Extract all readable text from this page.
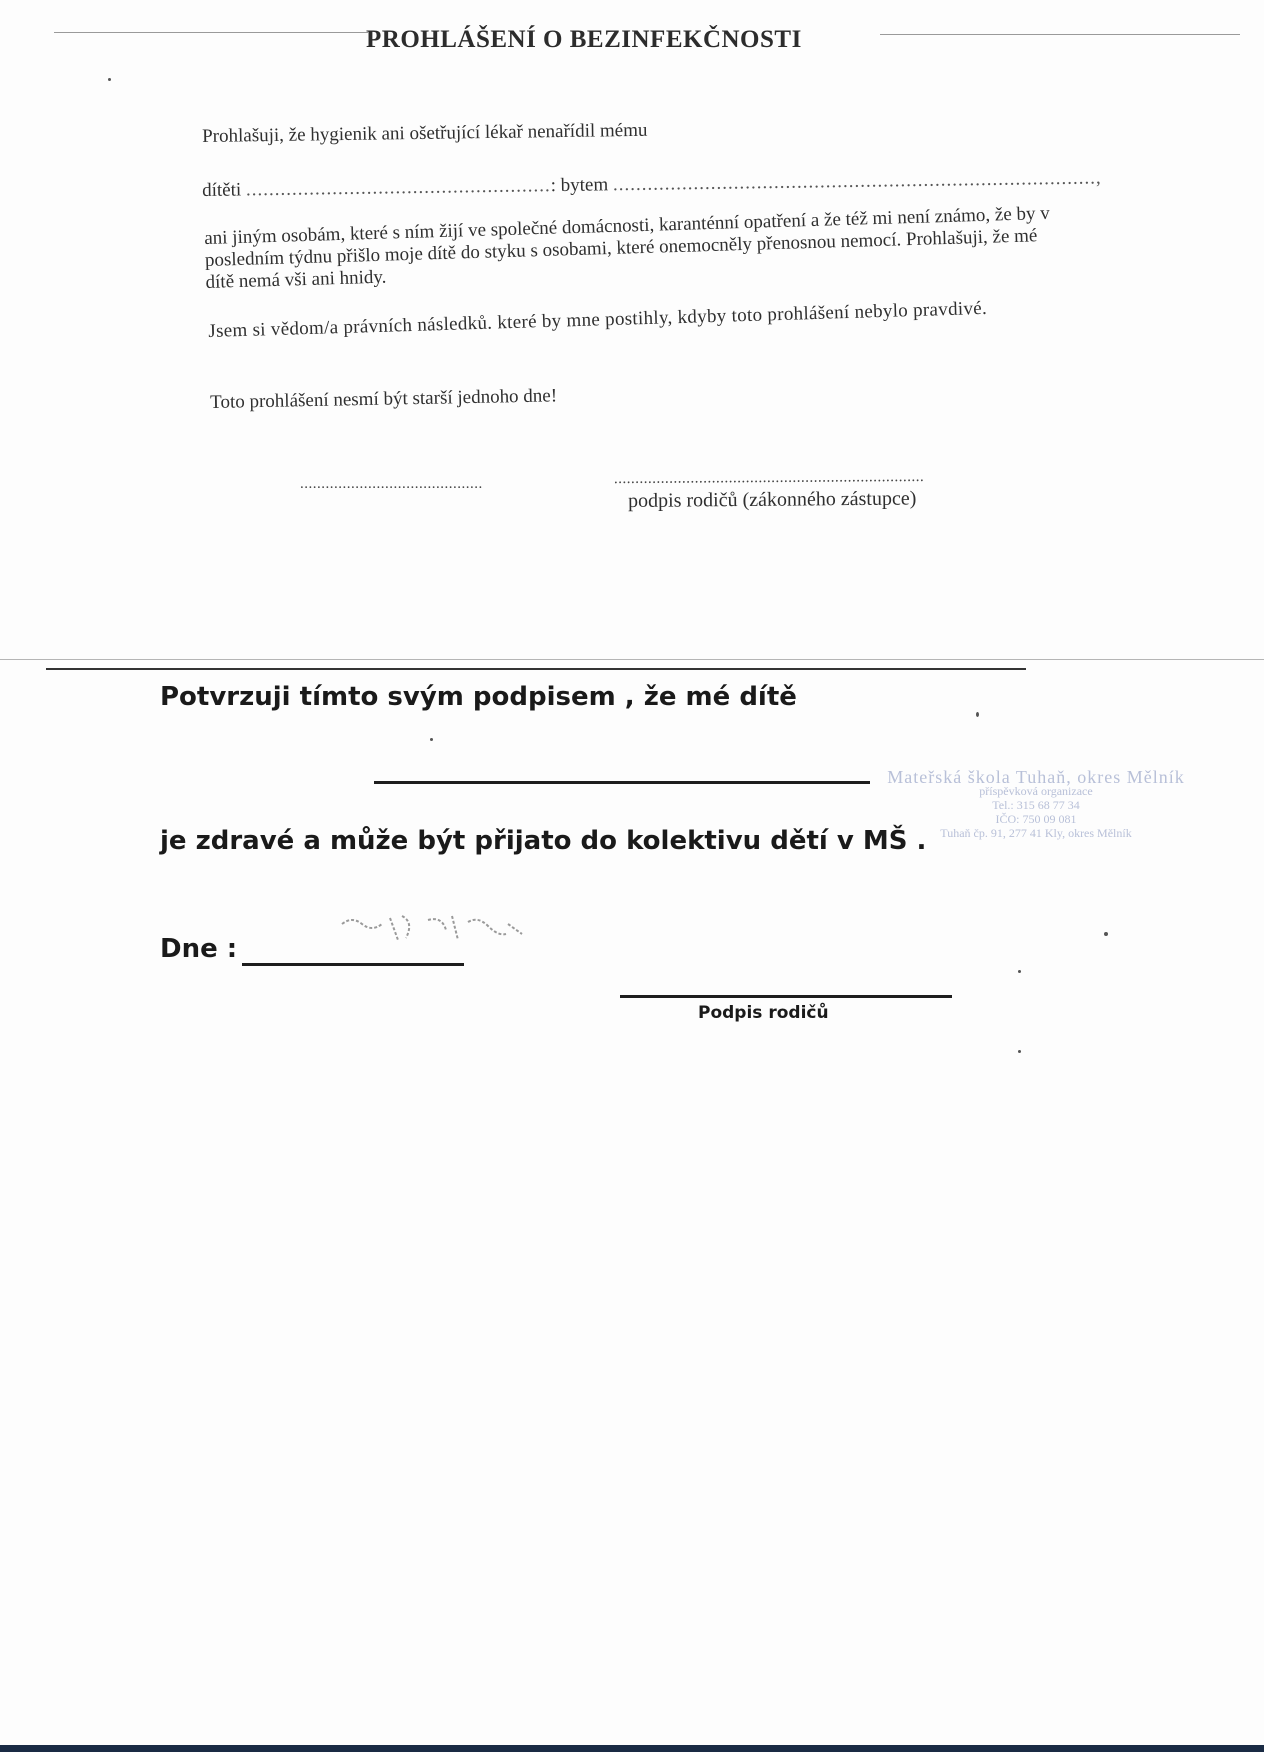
PROHLÁŠENÍ O BEZINFEKČNOSTI
Prohlašuji, že hygienik ani ošetřující lékař nenařídil mému
dítěti .....................................................: bytem ....................................................................................,
ani jiným osobám, které s ním žijí ve společné domácnosti, karanténní opatření a že též mi není známo, že by v posledním týdnu přišlo moje dítě do styku s osobami, které onemocněly přenosnou nemocí. Prohlašuji, že mé dítě nemá vši ani hnidy.
Jsem si vědom/a právních následků. které by mne postihly, kdyby toto prohlášení nebylo pravdivé.
Toto prohlášení nesmí být starší jednoho dne!
...........................................	.........................................................................
podpis rodičů (zákonného zástupce)
Potvrzuji tímto svým podpisem , že mé dítě
je zdravé a může být přijato do kolektivu dětí v MŠ .
Mateřská škola Tuhaň, okres Mělník
příspěvková organizace
Tel.: 315 68 77 34
IČO: 750 09 081
Tuhaň čp. 91, 277 41 Kly, okres Mělník
Dne :
Podpis rodičů
